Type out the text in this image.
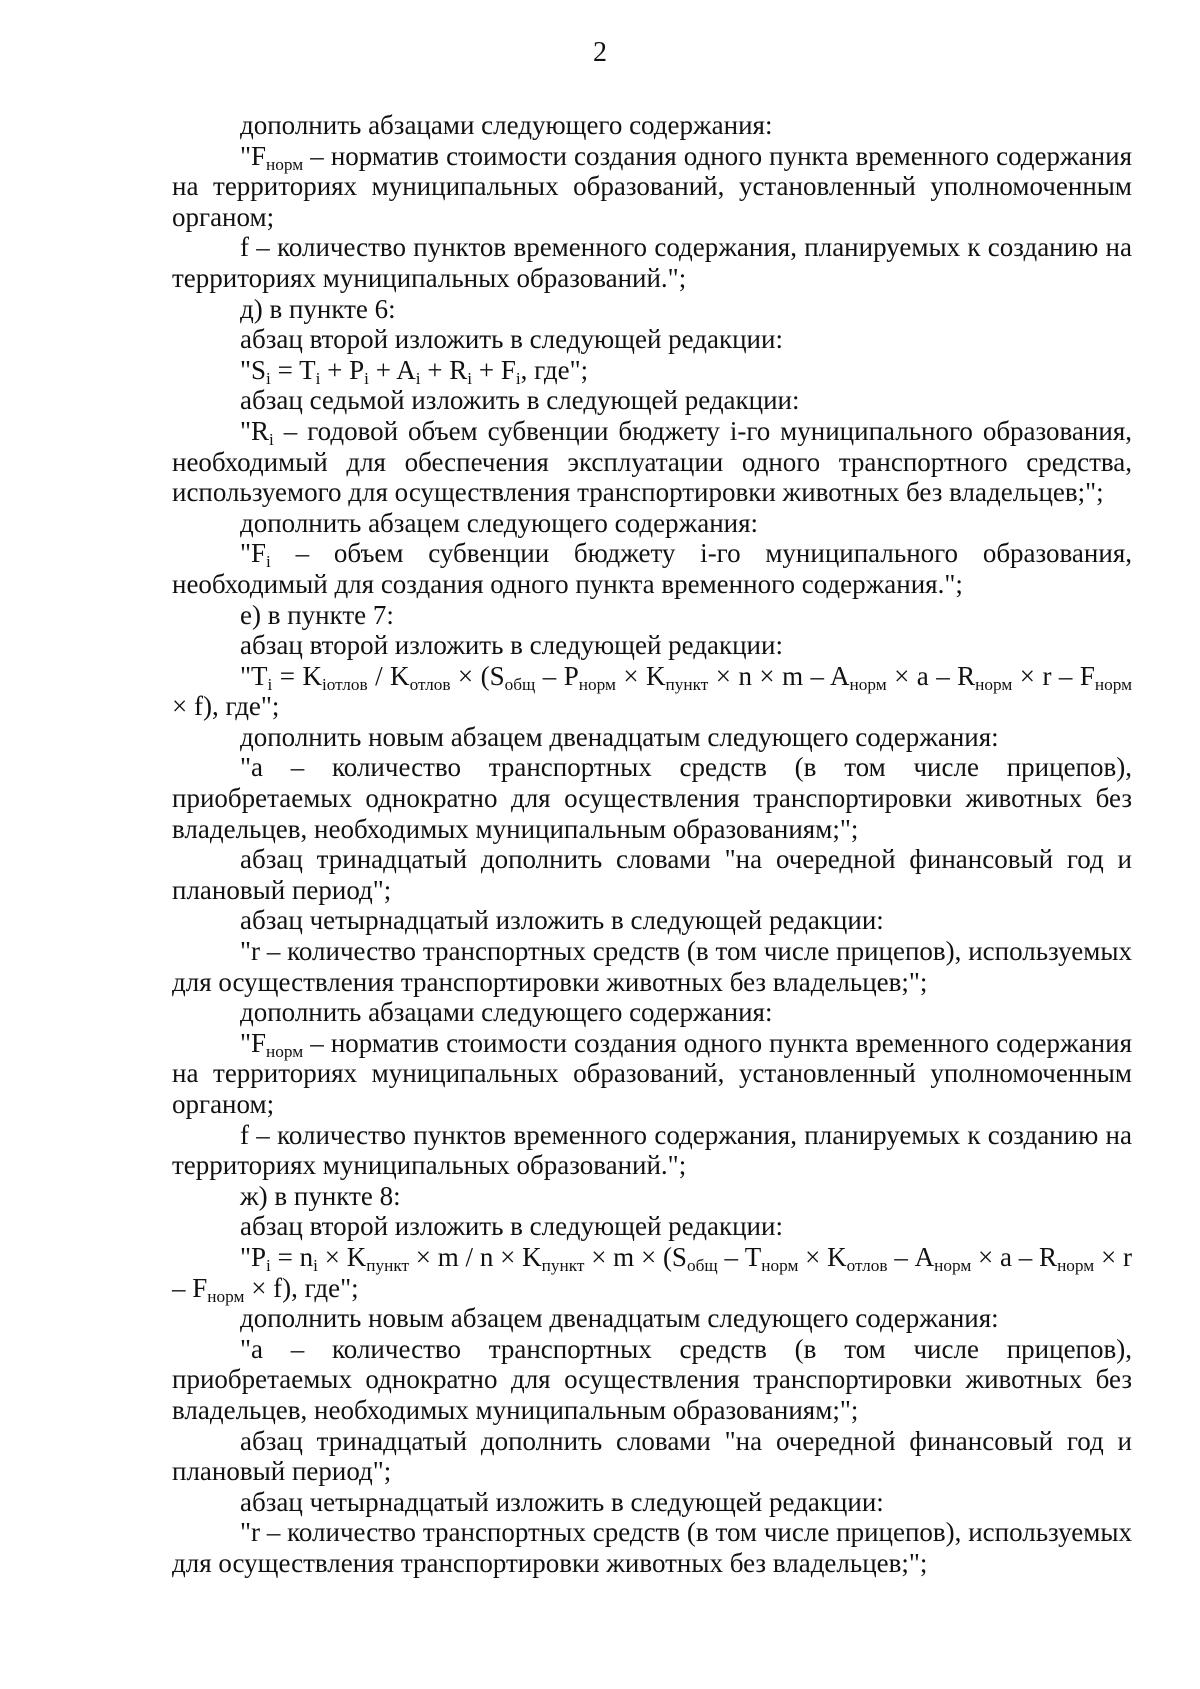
2

дополнить абзацами следующего содержания:

"$F_{норм}$ – норматив стоимости создания одного пункта временного содержания на территориях муниципальных образований, установленный уполномоченным органом;

f – количество пунктов временного содержания, планируемых к созданию на территориях муниципальных образований.";

д) в пункте 6:

абзац второй изложить в следующей редакции:

"$S_i = T_i + P_i + A_i + R_i + F_i$, где";

абзац седьмой изложить в следующей редакции:

"$R_i$ – годовой объем субвенции бюджету i-го муниципального образования, необходимый для обеспечения эксплуатации одного транспортного средства, используемого для осуществления транспортировки животных без владельцев;";

дополнить абзацем следующего содержания:

"$F_i$ – объем субвенции бюджету i-го муниципального образования, необходимый для создания одного пункта временного содержания.";

е) в пункте 7:

абзац второй изложить в следующей редакции:

"$T_i = K_{iотлов} / K_{отлов} \times (S_{общ} - P_{норм} \times K_{пункт} \times n \times m - A_{норм} \times a - R_{норм} \times r - F_{норм} \times f)$, где";

дополнить новым абзацем двенадцатым следующего содержания:

"a – количество транспортных средств (в том числе прицепов), приобретаемых однократно для осуществления транспортировки животных без владельцев, необходимых муниципальным образованиям;";

абзац тринадцатый дополнить словами "на очередной финансовый год и плановый период";

абзац четырнадцатый изложить в следующей редакции:

"r – количество транспортных средств (в том числе прицепов), используемых для осуществления транспортировки животных без владельцев;";

дополнить абзацами следующего содержания:

"$F_{норм}$ – норматив стоимости создания одного пункта временного содержания на территориях муниципальных образований, установленный уполномоченным органом;

f – количество пунктов временного содержания, планируемых к созданию на территориях муниципальных образований.";

ж) в пункте 8:

абзац второй изложить в следующей редакции:

"$P_i = n_i \times K_{пункт} \times m / n \times K_{пункт} \times m \times (S_{общ} - T_{норм} \times K_{отлов} - A_{норм} \times a - R_{норм} \times r - F_{норм} \times f)$, где";

дополнить новым абзацем двенадцатым следующего содержания:

"a – количество транспортных средств (в том числе прицепов), приобретаемых однократно для осуществления транспортировки животных без владельцев, необходимых муниципальным образованиям;";

абзац тринадцатый дополнить словами "на очередной финансовый год и плановый период";

абзац четырнадцатый изложить в следующей редакции:

"r – количество транспортных средств (в том числе прицепов), используемых для осуществления транспортировки животных без владельцев;";
